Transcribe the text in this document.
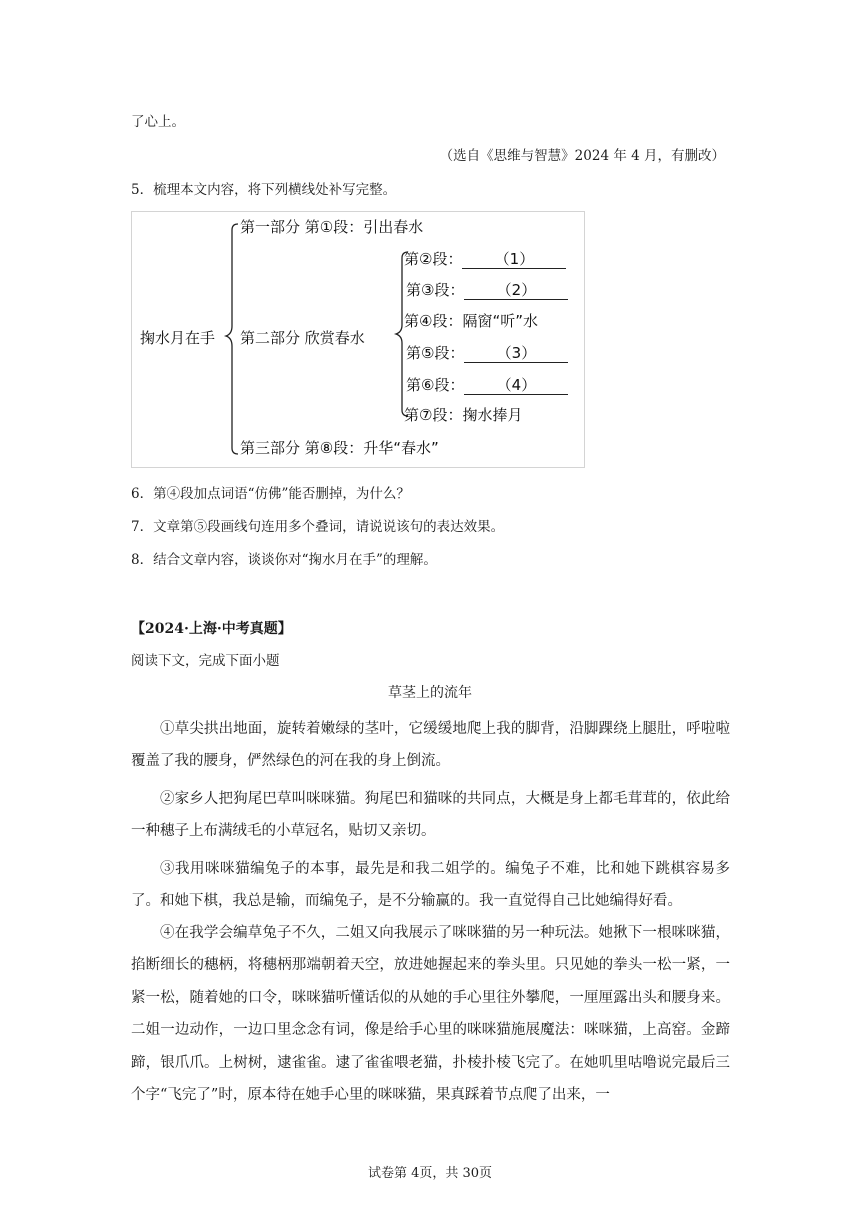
了心上。
（选自《思维与智慧》2024 年 4 月，有删改）
5．梳理本文内容，将下列横线处补写完整。
掬水月在手
第一部分 第①段：引出春水
第二部分 欣赏春水
第三部分 第⑧段：升华“春水”
第②段： （1）
第③段： （2）
第④段：隔窗“听”水
第⑤段： （3）
第⑥段： （4）
第⑦段：掬水捧月
6．第④段加点词语“仿佛”能否删掉，为什么？
7．文章第⑤段画线句连用多个叠词，请说说该句的表达效果。
8．结合文章内容，谈谈你对“掬水月在手”的理解。
【2024·上海·中考真题】
阅读下文，完成下面小题
草茎上的流年
①草尖拱出地面，旋转着嫩绿的茎叶，它缓缓地爬上我的脚背，沿脚踝绕上腿肚，呼啦啦覆盖了我的腰身，俨然绿色的河在我的身上倒流。
②家乡人把狗尾巴草叫咪咪猫。狗尾巴和猫咪的共同点，大概是身上都毛茸茸的，依此给一种穗子上布满绒毛的小草冠名，贴切又亲切。
③我用咪咪猫编兔子的本事，最先是和我二姐学的。编兔子不难，比和她下跳棋容易多了。和她下棋，我总是输，而编兔子，是不分输赢的。我一直觉得自己比她编得好看。
④在我学会编草兔子不久，二姐又向我展示了咪咪猫的另一种玩法。她揪下一根咪咪猫，掐断细长的穗柄，将穗柄那端朝着天空，放进她握起来的拳头里。只见她的拳头一松一紧，一紧一松，随着她的口令，咪咪猫听懂话似的从她的手心里往外攀爬，一厘厘露出头和腰身来。二姐一边动作，一边口里念念有词，像是给手心里的咪咪猫施展魔法：咪咪猫，上高窑。金蹄蹄，银爪爪。上树树，逮雀雀。逮了雀雀喂老猫，扑棱扑棱飞完了。在她叽里咕噜说完最后三个字“飞完了”时，原本待在她手心里的咪咪猫，果真踩着节点爬了出来，一
试卷第 4页，共 30页
